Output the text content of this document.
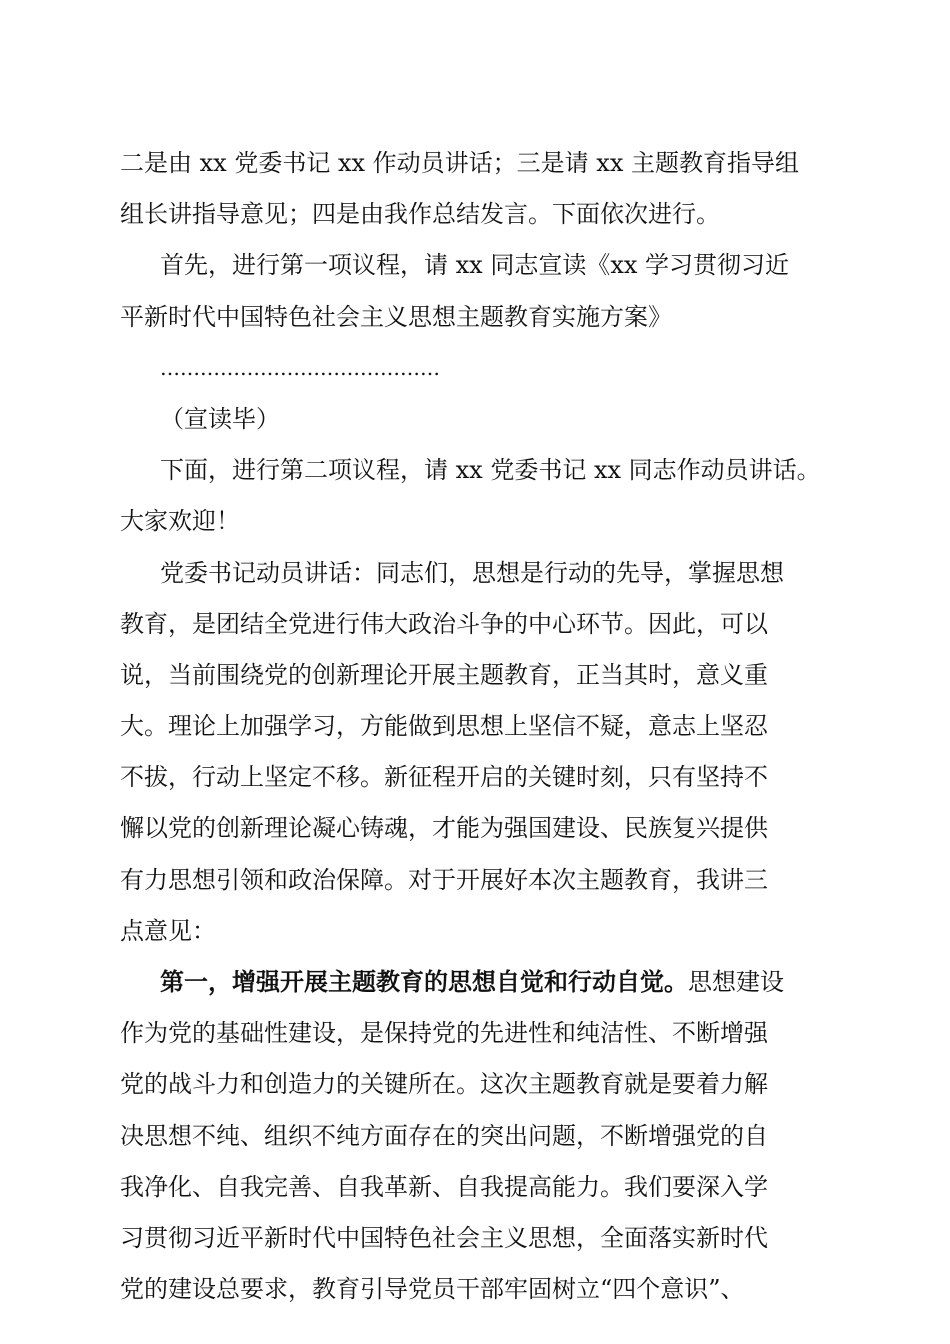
二是由 xx 党委书记 xx 作动员讲话；三是请 xx 主题教育指导组
组长讲指导意见；四是由我作总结发言。下面依次进行。
首先，进行第一项议程，请 xx 同志宣读《xx 学习贯彻习近
平新时代中国特色社会主义思想主题教育实施方案》
……………………………………
（宣读毕）
下面，进行第二项议程，请 xx 党委书记 xx 同志作动员讲话。
大家欢迎！
党委书记动员讲话：同志们，思想是行动的先导，掌握思想
教育，是团结全党进行伟大政治斗争的中心环节。因此，可以
说，当前围绕党的创新理论开展主题教育，正当其时，意义重
大。理论上加强学习，方能做到思想上坚信不疑，意志上坚忍
不拔，行动上坚定不移。新征程开启的关键时刻，只有坚持不
懈以党的创新理论凝心铸魂，才能为强国建设、民族复兴提供
有力思想引领和政治保障。对于开展好本次主题教育，我讲三
点意见：
第一，增强开展主题教育的思想自觉和行动自觉。思想建设
作为党的基础性建设，是保持党的先进性和纯洁性、不断增强
党的战斗力和创造力的关键所在。这次主题教育就是要着力解
决思想不纯、组织不纯方面存在的突出问题，不断增强党的自
我净化、自我完善、自我革新、自我提高能力。我们要深入学
习贯彻习近平新时代中国特色社会主义思想，全面落实新时代
党的建设总要求，教育引导党员干部牢固树立“四个意识”、
